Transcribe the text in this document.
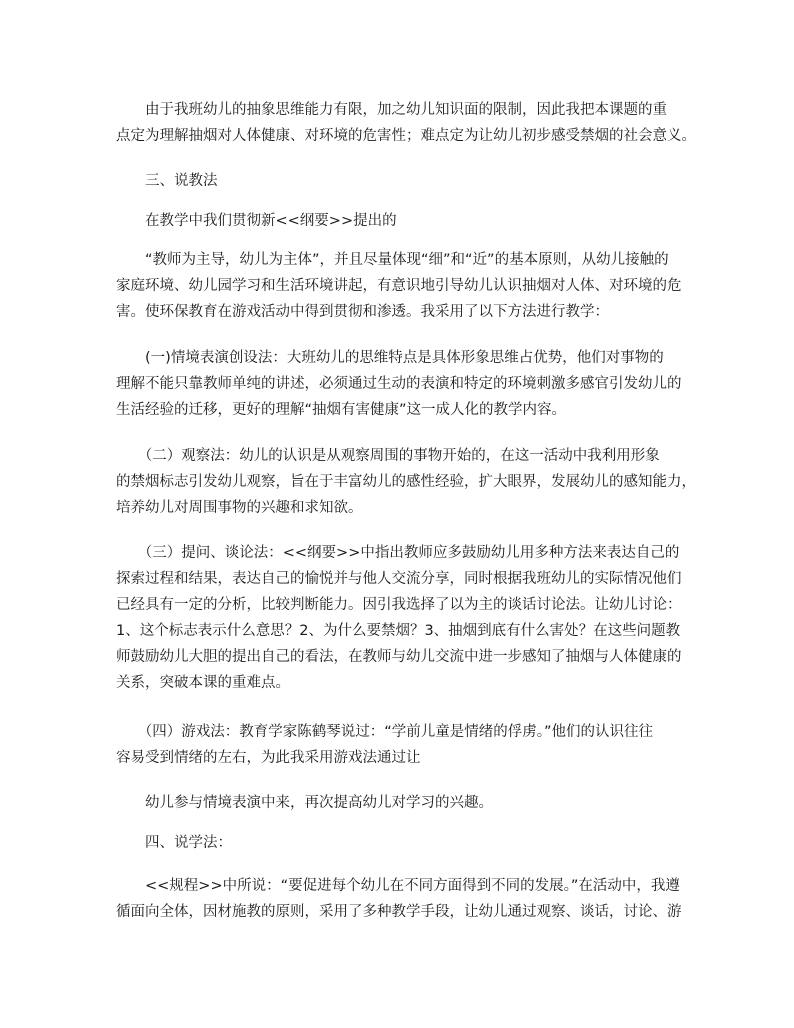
　　由于我班幼儿的抽象思维能力有限，加之幼儿知识面的限制，因此我把本课题的重
点定为理解抽烟对人体健康、对环境的危害性；难点定为让幼儿初步感受禁烟的社会意义。

　　三、说教法

　　在教学中我们贯彻新<<纲要>>提出的

　　“教师为主导，幼儿为主体”，并且尽量体现“细”和“近”的基本原则，从幼儿接触的
家庭环境、幼儿园学习和生活环境讲起，有意识地引导幼儿认识抽烟对人体、对环境的危
害。使环保教育在游戏活动中得到贯彻和渗透。我采用了以下方法进行教学：

　　(一)情境表演创设法：大班幼儿的思维特点是具体形象思维占优势，他们对事物的
理解不能只靠教师单纯的讲述，必须通过生动的表演和特定的环境刺激多感官引发幼儿的
生活经验的迁移，更好的理解“抽烟有害健康”这一成人化的教学内容。

　　（二）观察法：幼儿的认识是从观察周围的事物开始的，在这一活动中我利用形象
的禁烟标志引发幼儿观察，旨在于丰富幼儿的感性经验，扩大眼界，发展幼儿的感知能力，
培养幼儿对周围事物的兴趣和求知欲。

　　（三）提问、谈论法：<<纲要>>中指出教师应多鼓励幼儿用多种方法来表达自己的
探索过程和结果，表达自己的愉悦并与他人交流分享，同时根据我班幼儿的实际情况他们
已经具有一定的分析，比较判断能力。因引我选择了以为主的谈话讨论法。让幼儿讨论：
1、这个标志表示什么意思？2、为什么要禁烟？3、抽烟到底有什么害处？在这些问题教
师鼓励幼儿大胆的提出自己的看法，在教师与幼儿交流中进一步感知了抽烟与人体健康的
关系，突破本课的重难点。

　　（四）游戏法：教育学家陈鹤琴说过：“学前儿童是情绪的俘虏。”他们的认识往往
容易受到情绪的左右，为此我采用游戏法通过让

　　幼儿参与情境表演中来，再次提高幼儿对学习的兴趣。

　　四、说学法：

　　<<规程>>中所说：“要促进每个幼儿在不同方面得到不同的发展。”在活动中，我遵
循面向全体，因材施教的原则，采用了多种教学手段，让幼儿通过观察、谈话，讨论、游
